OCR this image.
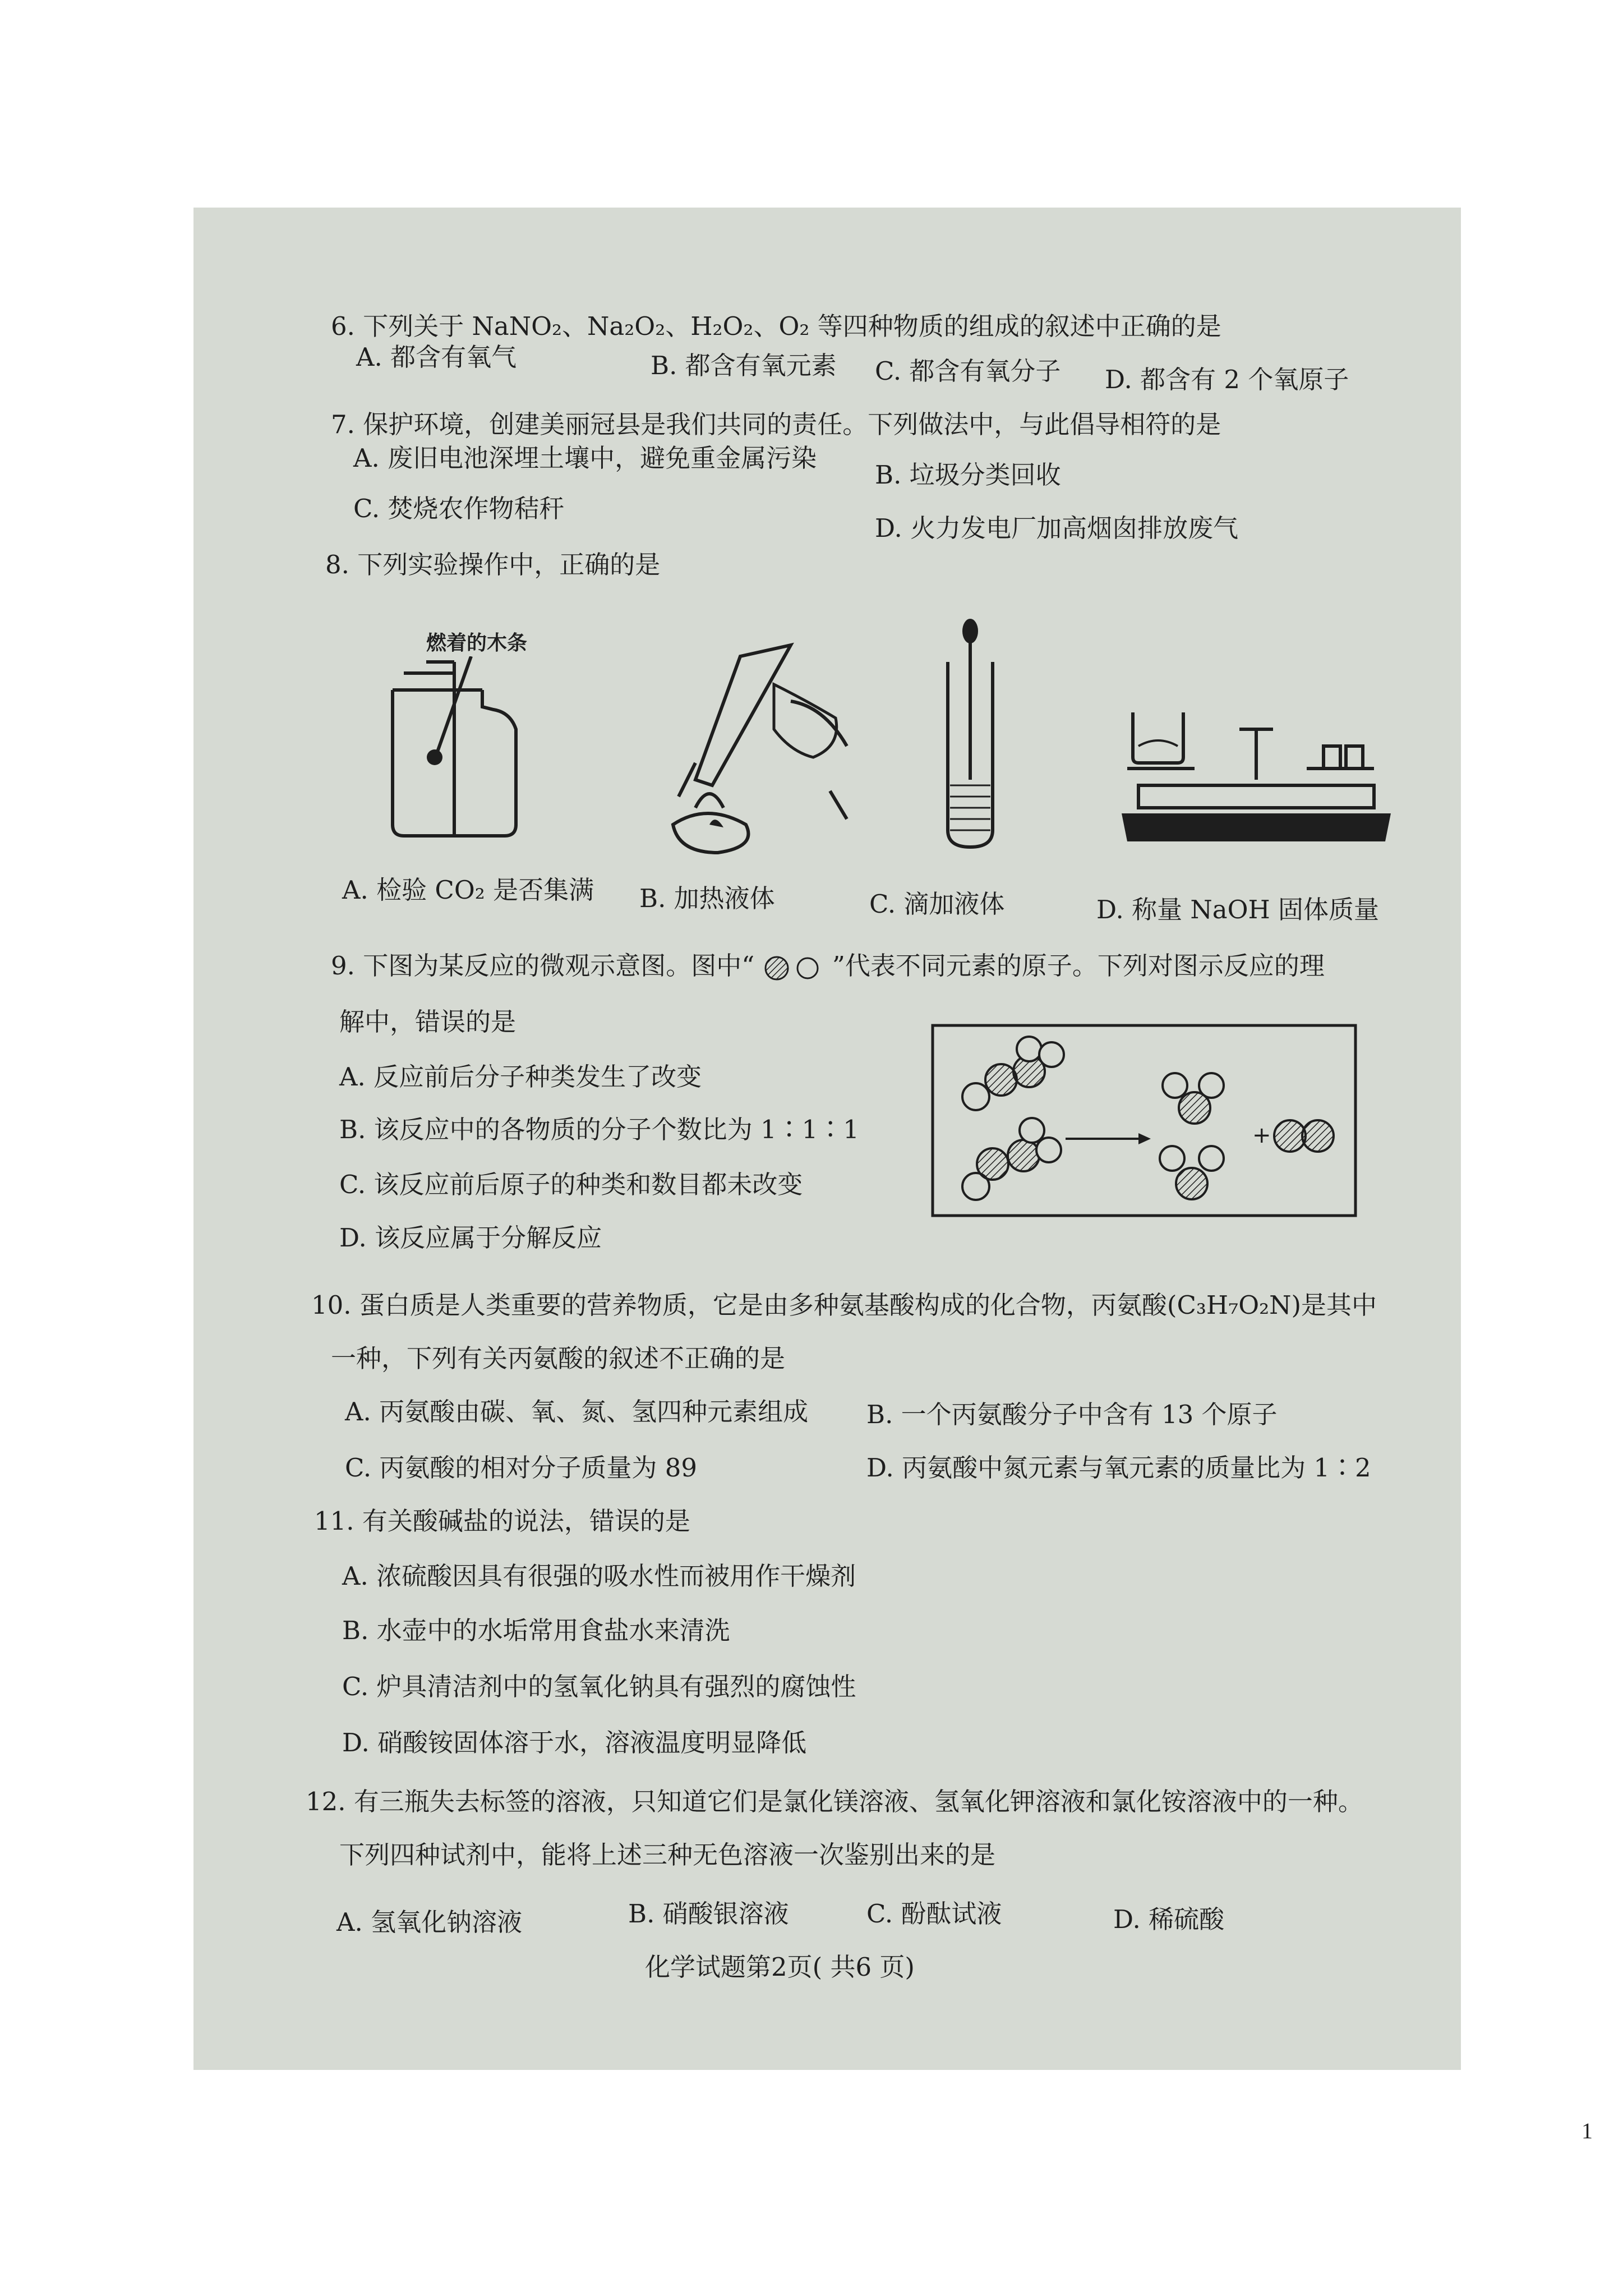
6. 下列关于 NaNO₂、Na₂O₂、H₂O₂、O₂ 等四种物质的组成的叙述中正确的是
A. 都含有氧气	B. 都含有氧元素 C. 都含有氧分子 D. 都含有 2 个氧原子
7. 保护环境，创建美丽冠县是我们共同的责任。下列做法中，与此倡导相符的是
A. 废旧电池深埋土壤中，避免重金属污染
B. 垃圾分类回收
C. 焚烧农作物秸秆
D. 火力发电厂加高烟囱排放废气
8. 下列实验操作中，正确的是
燃着的木条
A. 检验 CO₂ 是否集满 B. 加热液体	C. 滴加液体	D. 称量 NaOH 固体质量
9. 下图为某反应的微观示意图。图中“	”代表不同元素的原子。下列对图示反应的理
解中，错误的是
A. 反应前后分子种类发生了改变
B. 该反应中的各物质的分子个数比为 1∶1∶1
C. 该反应前后原子的种类和数目都未改变
D. 该反应属于分解反应
+
10. 蛋白质是人类重要的营养物质，它是由多种氨基酸构成的化合物，丙氨酸(C₃H₇O₂N)是其中
一种，下列有关丙氨酸的叙述不正确的是
A. 丙氨酸由碳、氧、氮、氢四种元素组成 B. 一个丙氨酸分子中含有 13 个原子
C. 丙氨酸的相对分子质量为 89	D. 丙氨酸中氮元素与氧元素的质量比为 1∶2
11. 有关酸碱盐的说法，错误的是
A. 浓硫酸因具有很强的吸水性而被用作干燥剂
B. 水壶中的水垢常用食盐水来清洗
C. 炉具清洁剂中的氢氧化钠具有强烈的腐蚀性
D. 硝酸铵固体溶于水，溶液温度明显降低
12. 有三瓶失去标签的溶液，只知道它们是氯化镁溶液、氢氧化钾溶液和氯化铵溶液中的一种。
下列四种试剂中，能将上述三种无色溶液一次鉴别出来的是
A. 氢氧化钠溶液	B. 硝酸银溶液	C. 酚酞试液	D. 稀硫酸
化学试题第2页( 共6 页)
1
